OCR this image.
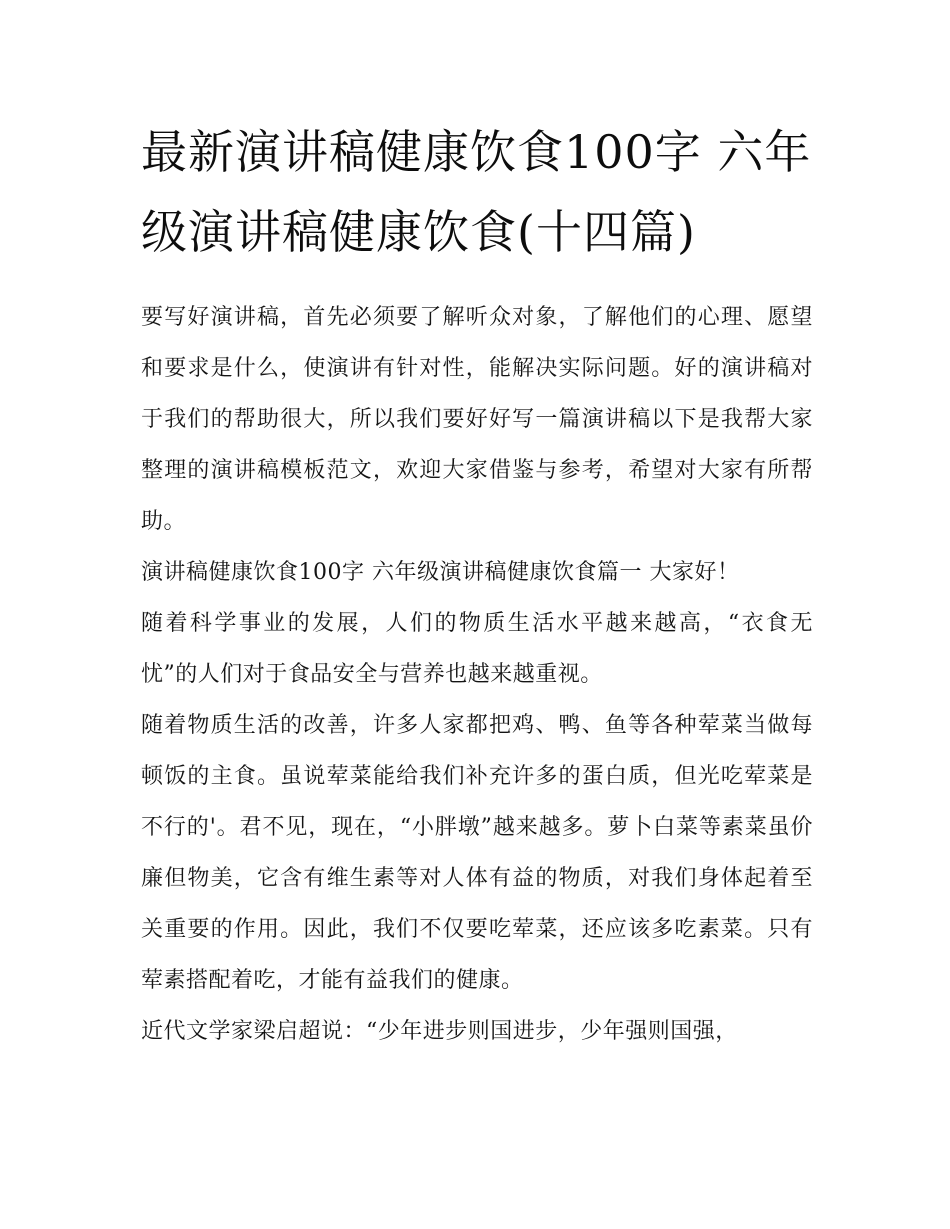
最新演讲稿健康饮食100字 六年级演讲稿健康饮食(十四篇)

要写好演讲稿，首先必须要了解听众对象，了解他们的心理、愿望和要求是什么，使演讲有针对性，能解决实际问题。好的演讲稿对于我们的帮助很大，所以我们要好好写一篇演讲稿以下是我帮大家整理的演讲稿模板范文，欢迎大家借鉴与参考，希望对大家有所帮助。

演讲稿健康饮食100字 六年级演讲稿健康饮食篇一 大家好！

随着科学事业的发展，人们的物质生活水平越来越高，“衣食无忧”的人们对于食品安全与营养也越来越重视。

随着物质生活的改善，许多人家都把鸡、鸭、鱼等各种荤菜当做每顿饭的主食。虽说荤菜能给我们补充许多的蛋白质，但光吃荤菜是不行的'。君不见，现在，“小胖墩”越来越多。萝卜白菜等素菜虽价廉但物美，它含有维生素等对人体有益的物质，对我们身体起着至关重要的作用。因此，我们不仅要吃荤菜，还应该多吃素菜。只有荤素搭配着吃，才能有益我们的健康。

近代文学家梁启超说：“少年进步则国进步，少年强则国强，
